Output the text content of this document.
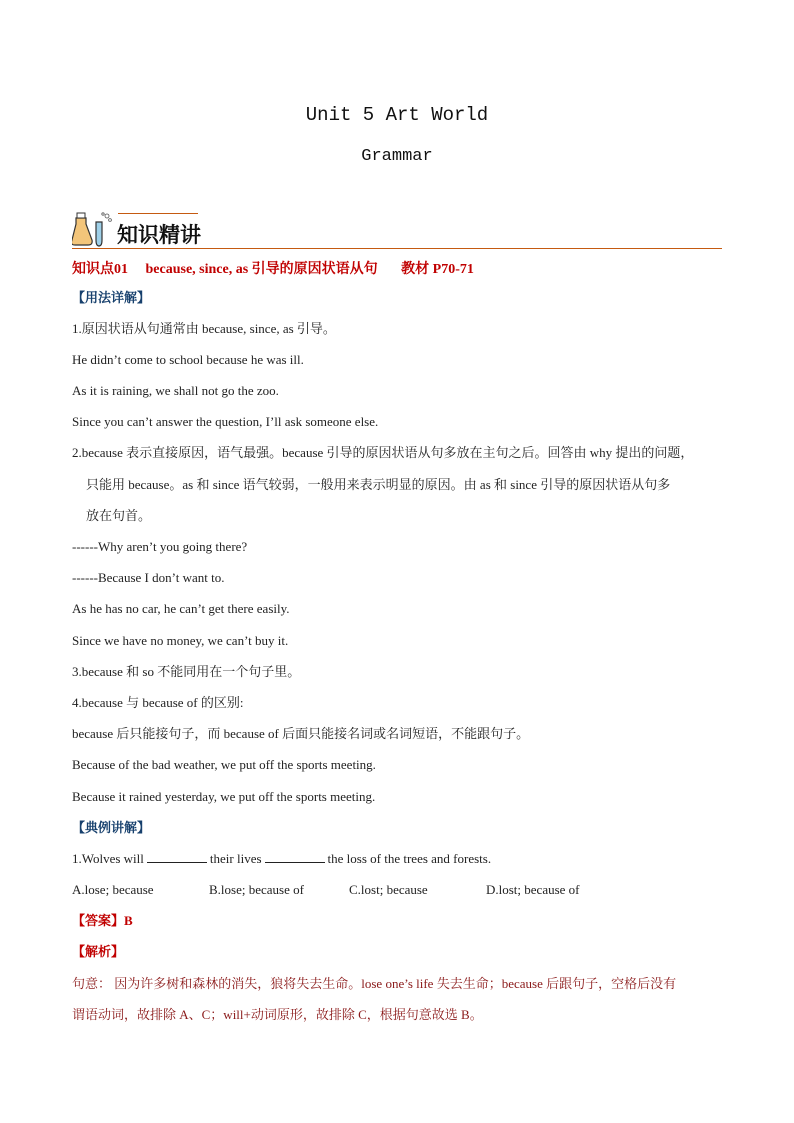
Unit 5 Art World
Grammar
知识精讲
知识点01 because, since, as 引导的原因状语从句 教材 P70-71
【用法详解】
1.原因状语从句通常由 because, since, as 引导。
He didn’t come to school because he was ill.
As it is raining, we shall not go the zoo.
Since you can’t answer the question, I’ll ask someone else.
2.because 表示直接原因，语气最强。because 引导的原因状语从句多放在主句之后。回答由 why 提出的问题，
只能用 because。as 和 since 语气较弱，一般用来表示明显的原因。由 as 和 since 引导的原因状语从句多
放在句首。
------Why aren’t you going there?
------Because I don’t want to.
As he has no car, he can’t get there easily.
Since we have no money, we can’t buy it.
3.because 和 so 不能同用在一个句子里。
4.because 与 because of 的区别:
because 后只能接句子，而 because of 后面只能接名词或名词短语，不能跟句子。
Because of the bad weather, we put off the sports meeting.
Because it rained yesterday, we put off the sports meeting.
【典例讲解】
1.Wolves will	their lives	the loss of the trees and forests.
A.lose; because	B.lose; because of	C.lost; because	D.lost; because of
【答案】B
【解析】
句意： 因为许多树和森林的消失，狼将失去生命。lose one’s life 失去生命；because 后跟句子，空格后没有
谓语动词，故排除 A、C；will+动词原形，故排除 C，根据句意故选 B。
